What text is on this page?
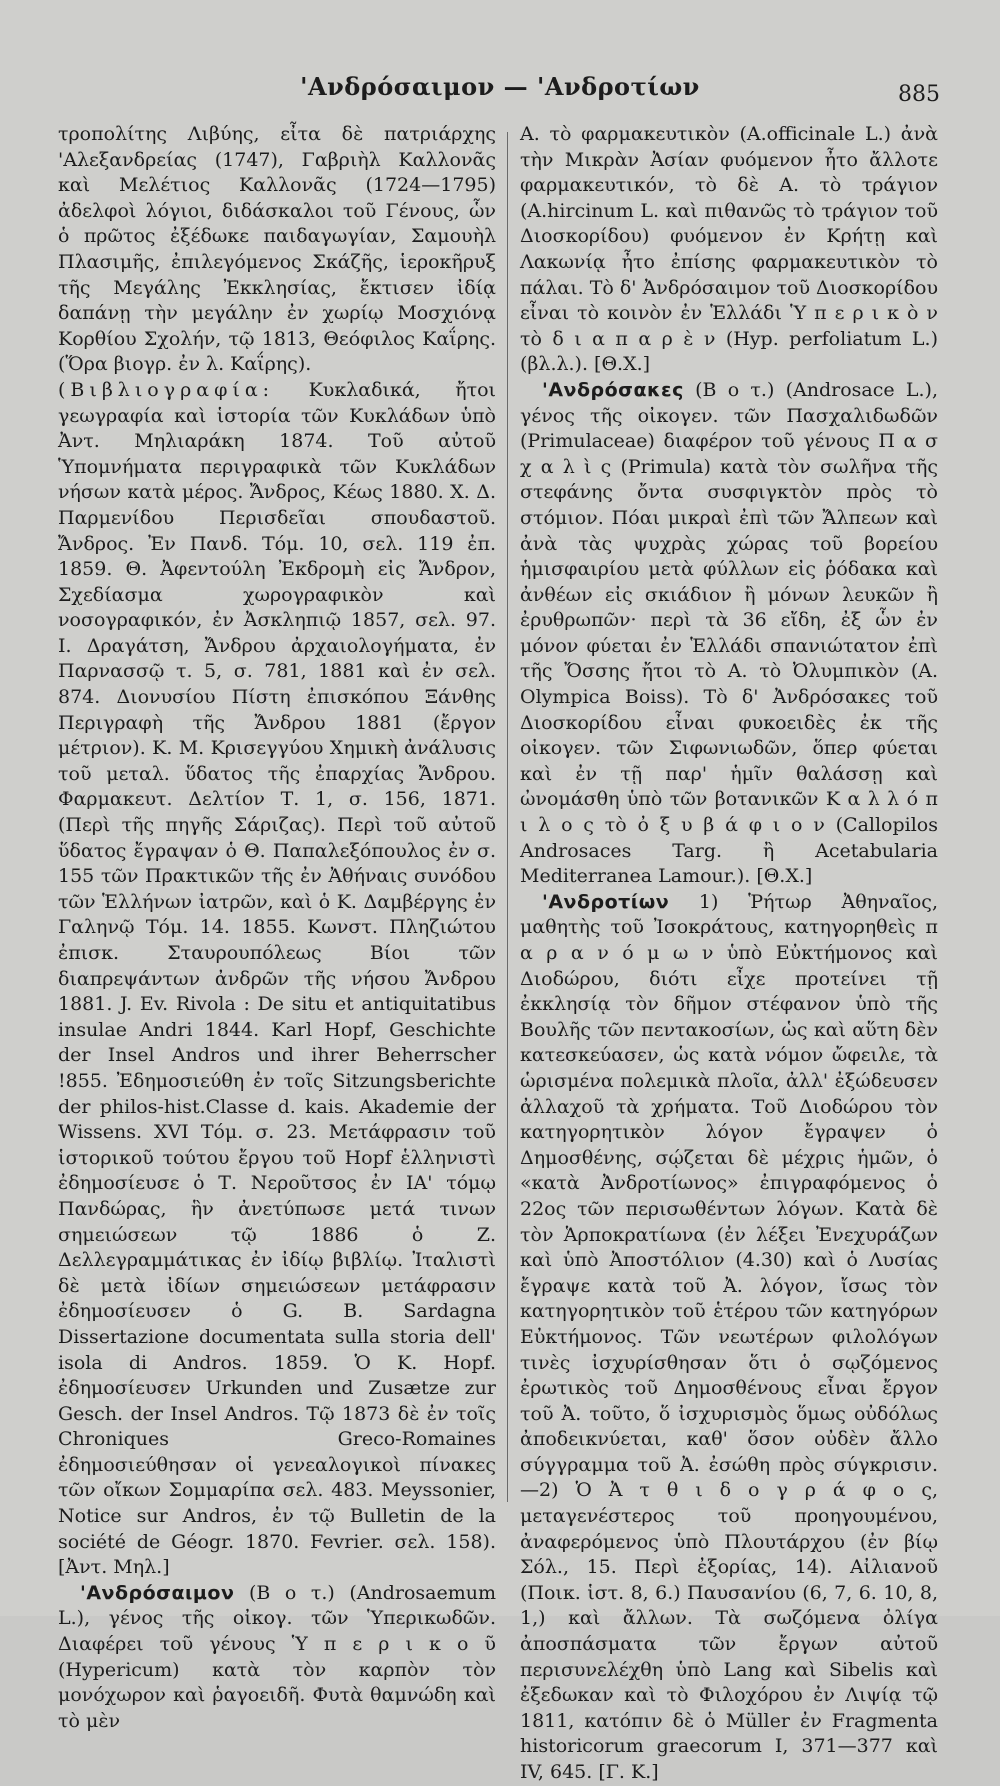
'Ανδρόσαιμον — 'Ανδροτίων	885

τροπολίτης Λιβύης, εἶτα δὲ πατριάρχης 'Αλεξανδρείας (1747), Γαβριὴλ Καλλονᾶς καὶ Μελέτιος Καλλονᾶς (1724—1795) ἀδελφοὶ λόγιοι, διδάσκαλοι τοῦ Γένους, ὧν ὁ πρῶτος ἐξέδωκε παιδαγωγίαν, Σαμουὴλ Πλασιμῆς, ἐπιλεγόμενος Σκάζῆς, ἱεροκῆρυξ τῆς Μεγάλης Ἐκκλησίας, ἔκτισεν ἰδίᾳ δαπάνῃ τὴν μεγάλην ἐν χωρίῳ Μοσχιόνᾳ Κορθίου Σχολήν, τῷ 1813, Θεόφιλος Καΐρης. (Ὅρα βιογρ. ἐν λ. Καΐρης).

(Βιβλιογραφία: Κυκλαδικά, ἤτοι γεωγραφία καὶ ἱστορία τῶν Κυκλάδων ὑπὸ Ἀντ. Μηλιαράκη 1874. Τοῦ αὐτοῦ Ὑπομνήματα περιγραφικὰ τῶν Κυκλάδων νήσων κατὰ μέρος. Ἄνδρος, Κέως 1880. Χ. Δ. Παρμενίδου Περισδεῖαι σπουδαστοῦ. Ἄνδρος. Ἐν Πανδ. Τόμ. 10, σελ. 119 ἐπ. 1859. Θ. Ἀφεντούλη Ἐκδρομὴ εἰς Ἄνδρον, Σχεδίασμα χωρογραφικὸν καὶ νοσογραφικόν, ἐν Ἀσκληπιῷ 1857, σελ. 97. Ι. Δραγάτση, Ἄνδρου ἀρχαιολογήματα, ἐν Παρνασσῷ τ. 5, σ. 781, 1881 καὶ ἐν σελ. 874. Διονυσίου Πίστη ἐπισκόπου Ξάνθης Περιγραφὴ τῆς Ἄνδρου 1881 (ἔργον μέτριον). Κ. Μ. Κρισεγγύου Χημικὴ ἀνάλυσις τοῦ μεταλ. ὕδατος τῆς ἐπαρχίας Ἄνδρου. Φαρμακευτ. Δελτίον Τ. 1, σ. 156, 1871. (Περὶ τῆς πηγῆς Σάριζας). Περὶ τοῦ αὐτοῦ ὕδατος ἔγραψαν ὁ Θ. Παπαλεξόπουλος ἐν σ. 155 τῶν Πρακτικῶν τῆς ἐν Ἀθήναις συνόδου τῶν Ἑλλήνων ἰατρῶν, καὶ ὁ Κ. Δαμβέργης ἐν Γαληνῷ Τόμ. 14. 1855. Κωνστ. Πληζιώτου ἐπισκ. Σταυρουπόλεως Βίοι τῶν διαπρεψάντων ἀνδρῶν τῆς νήσου Ἄνδρου 1881. J. Ev. Rivola : De situ et antiquitatibus insulae Andri 1844. Karl Hopf, Geschichte der Insel Andros und ihrer Beherrscher !855. Ἐδημοσιεύθη ἐν τοῖς Sitzungsberichte der philos-hist.Classe d. kais. Akademie der Wissens. XVI Τόμ. σ. 23. Μετάφρασιν τοῦ ἱστορικοῦ τούτου ἔργου τοῦ Hopf ἑλληνιστὶ ἐδημοσίευσε ὁ Τ. Νεροῦτσος ἐν ΙΑ' τόμῳ Πανδώρας, ἣν ἀνετύπωσε μετά τινων σημειώσεων τῷ 1886 ὁ Ζ. Δελλεγραμμάτικας ἐν ἰδίῳ βιβλίῳ. Ἰταλιστὶ δὲ μετὰ ἰδίων σημειώσεων μετάφρασιν ἐδημοσίευσεν ὁ G. B. Sardagna Dissertazione documentata sulla storia dell' isola di Andros. 1859. Ὁ Κ. Hopf. ἐδημοσίευσεν Urkunden und Zusætze zur Gesch. der Insel Andros. Τῷ 1873 δὲ ἐν τοῖς Chroniques Greco-Romaines ἐδημοσιεύθησαν οἱ γενεαλογικοὶ πίνακες τῶν οἴκων Σομμαρίπα σελ. 483. Meyssonier, Notice sur Andros, ἐν τῷ Bulletin de la société de Géogr. 1870. Fevrier. σελ. 158). [Ἀντ. Μηλ.]

'Ανδρόσαιμον (Β ο τ.) (Androsaemum L.), γένος τῆς οἰκογ. τῶν Ὑπερικωδῶν. Διαφέρει τοῦ γένους Ὑ π ε ρ ι κ ο ῦ (Hypericum) κατὰ τὸν καρπὸν τὸν μονόχωρον καὶ ῥαγοειδῆ. Φυτὰ θαμνώδη καὶ τὸ μὲν

Α. τὸ φαρμακευτικὸν (A.officinale L.) ἀνὰ τὴν Μικρὰν Ἀσίαν φυόμενον ἦτο ἄλλοτε φαρμακευτικόν, τὸ δὲ Α. τὸ τράγιον (A.hircinum L. καὶ πιθανῶς τὸ τράγιον τοῦ Διοσκορίδου) φυόμενον ἐν Κρήτῃ καὶ Λακωνίᾳ ἦτο ἐπίσης φαρμακευτικὸν τὸ πάλαι. Τὸ δ' Ἀνδρόσαιμον τοῦ Διοσκορίδου εἶναι τὸ κοινὸν ἐν Ἑλλάδι Ὑ π ε ρ ι κ ὸ ν τὸ δ ι α π α ρ ὲ ν (Hyp. perfoliatum L.) (βλ.λ.). [Θ.Χ.]

'Ανδρόσακες (Β ο τ.) (Androsace L.), γένος τῆς οἰκογεν. τῶν Πασχαλιδωδῶν (Primulaceae) διαφέρον τοῦ γένους Π α σ χ α λ ὶ ς (Primula) κατὰ τὸν σωλῆνα τῆς στεφάνης ὄντα συσφιγκτὸν πρὸς τὸ στόμιον. Πόαι μικραὶ ἐπὶ τῶν Ἄλπεων καὶ ἀνὰ τὰς ψυχρὰς χώρας τοῦ βορείου ἡμισφαιρίου μετὰ φύλλων εἰς ῥόδακα καὶ ἀνθέων εἰς σκιάδιον ἢ μόνων λευκῶν ἢ ἐρυθρωπῶν· περὶ τὰ 36 εἴδη, ἐξ ὧν ἐν μόνον φύεται ἐν Ἑλλάδι σπανιώτατον ἐπὶ τῆς Ὄσσης ἤτοι τὸ Α. τὸ Ὀλυμπικὸν (A. Olympica Boiss). Τὸ δ' Ἀνδρόσακες τοῦ Διοσκορίδου εἶναι φυκοειδὲς ἐκ τῆς οἰκογεν. τῶν Σιφωνιωδῶν, ὅπερ φύεται καὶ ἐν τῇ παρ' ἡμῖν θαλάσσῃ καὶ ὠνομάσθη ὑπὸ τῶν βοτανικῶν Κ α λ λ ό π ι λ ο ς τὸ ὀ ξ υ β ά φ ι ο ν (Callopilos Androsaces Targ. ἢ Acetabularia Mediterranea Lamour.). [Θ.Χ.]

'Ανδροτίων 1) Ῥήτωρ Ἀθηναῖος, μαθητὴς τοῦ Ἰσοκράτους, κατηγορηθεὶς π α ρ α ν ό μ ω ν ὑπὸ Εὐκτήμονος καὶ Διοδώρου, διότι εἶχε προτείνει τῇ ἐκκλησίᾳ τὸν δῆμον στέφανον ὑπὸ τῆς Βουλῆς τῶν πεντακοσίων, ὡς καὶ αὕτη δὲν κατεσκεύασεν, ὡς κατὰ νόμον ὤφειλε, τὰ ὡρισμένα πολεμικὰ πλοῖα, ἀλλ' ἐξώδευσεν ἀλλαχοῦ τὰ χρήματα. Τοῦ Διοδώρου τὸν κατηγορητικὸν λόγον ἔγραψεν ὁ Δημοσθένης, σῴζεται δὲ μέχρις ἡμῶν, ὁ «κατὰ Ἀνδροτίωνος» ἐπιγραφόμενος ὁ 22ος τῶν περισωθέντων λόγων. Κατὰ δὲ τὸν Ἁρποκρατίωνα (ἐν λέξει Ἐνεχυράζων καὶ ὑπὸ Ἀποστόλιον (4.30) καὶ ὁ Λυσίας ἔγραψε κατὰ τοῦ Ἀ. λόγον, ἴσως τὸν κατηγορητικὸν τοῦ ἑτέρου τῶν κατηγόρων Εὐκτήμονος. Τῶν νεωτέρων φιλολόγων τινὲς ἰσχυρίσθησαν ὅτι ὁ σῳζόμενος ἐρωτικὸς τοῦ Δημοσθένους εἶναι ἔργον τοῦ Ἀ. τοῦτο, ὅ ἰσχυρισμὸς ὅμως οὐδόλως ἀποδεικνύεται, καθ' ὅσον οὐδὲν ἄλλο σύγγραμμα τοῦ Ἀ. ἐσώθη πρὸς σύγκρισιν.—2) Ὁ Ἀ τ θ ι δ ο γ ρ ά φ ο ς, μεταγενέστερος τοῦ προηγουμένου, ἀναφερόμενος ὑπὸ Πλουτάρχου (ἐν βίῳ Σόλ., 15. Περὶ ἐξορίας, 14). Αἰλιανοῦ (Ποικ. ἱστ. 8, 6.) Παυσανίου (6, 7, 6. 10, 8, 1,) καὶ ἄλλων. Τὰ σωζόμενα ὀλίγα ἀποσπάσματα τῶν ἔργων αὐτοῦ περισυνελέχθη ὑπὸ Lang καὶ Sibelis καὶ ἐξεδωκαν καὶ τὸ Φιλοχόρου ἐν Λιψίᾳ τῷ 1811, κατόπιν δὲ ὁ Müller ἐν Fragmenta historicorum graecorum I, 371—377 καὶ IV, 645. [Γ. Κ.]
